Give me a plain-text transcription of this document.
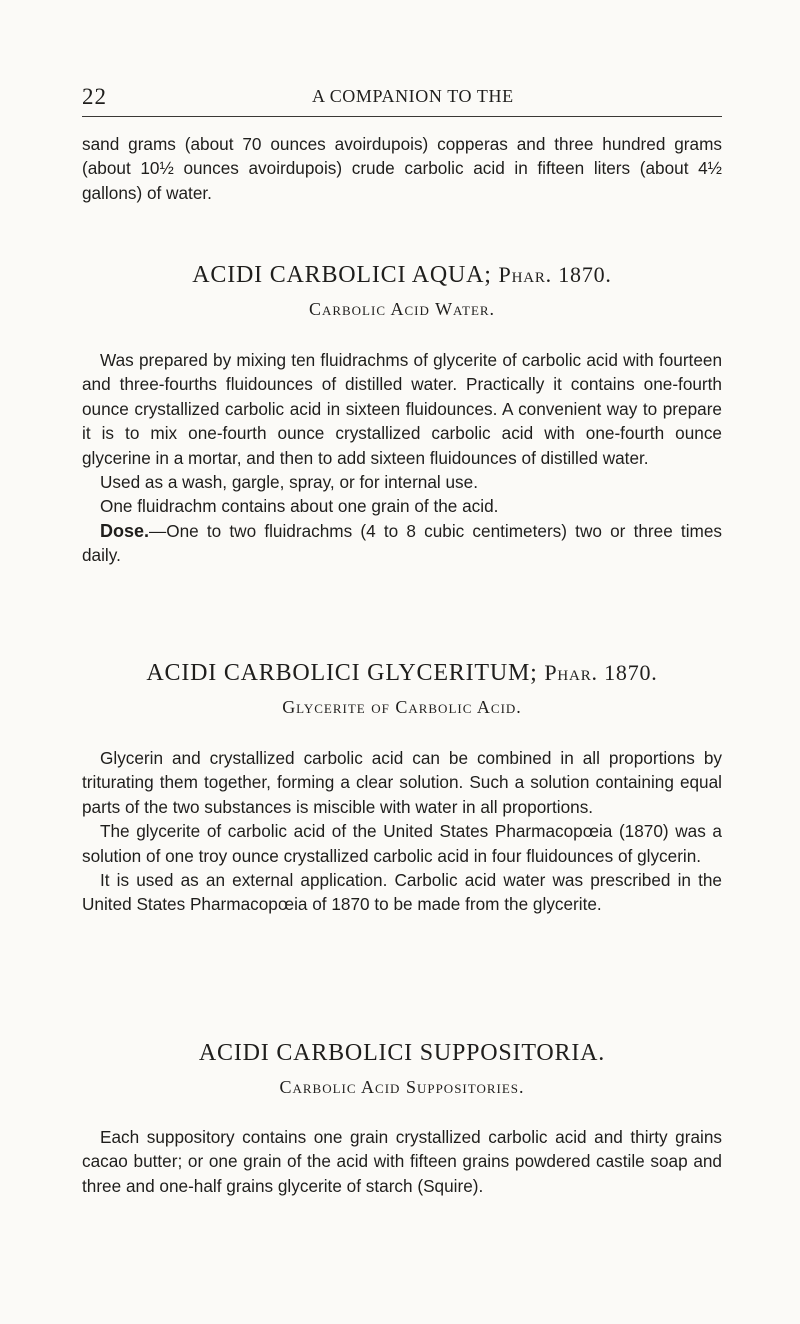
22	A COMPANION TO THE

sand grams (about 70 ounces avoirdupois) copperas and three hundred grams (about 10½ ounces avoirdupois) crude carbolic acid in fifteen liters (about 4½ gallons) of water.

ACIDI CARBOLICI AQUA; Phar. 1870.
Carbolic Acid Water.

Was prepared by mixing ten fluidrachms of glycerite of carbolic acid with fourteen and three-fourths fluidounces of distilled water. Practically it contains one-fourth ounce crystallized carbolic acid in sixteen fluidounces. A convenient way to prepare it is to mix one-fourth ounce crystallized carbolic acid with one-fourth ounce glycerine in a mortar, and then to add sixteen fluidounces of distilled water.

Used as a wash, gargle, spray, or for internal use.

One fluidrachm contains about one grain of the acid.

Dose.—One to two fluidrachms (4 to 8 cubic centimeters) two or three times daily.

ACIDI CARBOLICI GLYCERITUM; Phar. 1870.
Glycerite of Carbolic Acid.

Glycerin and crystallized carbolic acid can be combined in all proportions by triturating them together, forming a clear solution. Such a solution containing equal parts of the two substances is miscible with water in all proportions.

The glycerite of carbolic acid of the United States Pharmacopœia (1870) was a solution of one troy ounce crystallized carbolic acid in four fluidounces of glycerin.

It is used as an external application. Carbolic acid water was prescribed in the United States Pharmacopœia of 1870 to be made from the glycerite.

ACIDI CARBOLICI SUPPOSITORIA.
Carbolic Acid Suppositories.

Each suppository contains one grain crystallized carbolic acid and thirty grains cacao butter; or one grain of the acid with fifteen grains powdered castile soap and three and one-half grains glycerite of starch (Squire).
